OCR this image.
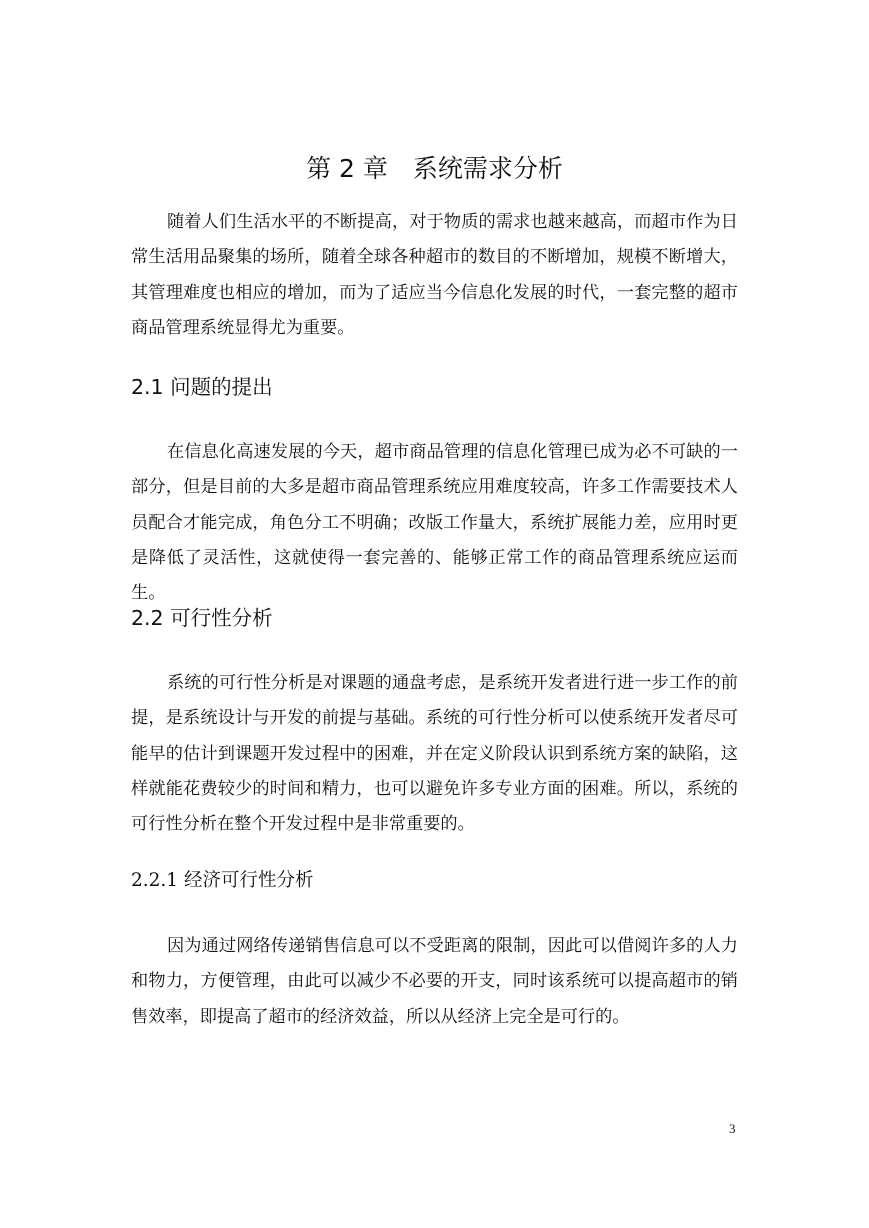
第 2 章　系统需求分析

随着人们生活水平的不断提高，对于物质的需求也越来越高，而超市作为日常生活用品聚集的场所，随着全球各种超市的数目的不断增加，规模不断增大，其管理难度也相应的增加，而为了适应当今信息化发展的时代，一套完整的超市商品管理系统显得尤为重要。

2.1 问题的提出

在信息化高速发展的今天，超市商品管理的信息化管理已成为必不可缺的一部分，但是目前的大多是超市商品管理系统应用难度较高，许多工作需要技术人员配合才能完成，角色分工不明确；改版工作量大，系统扩展能力差，应用时更是降低了灵活性，这就使得一套完善的、能够正常工作的商品管理系统应运而生。

2.2 可行性分析

系统的可行性分析是对课题的通盘考虑，是系统开发者进行进一步工作的前提，是系统设计与开发的前提与基础。系统的可行性分析可以使系统开发者尽可能早的估计到课题开发过程中的困难，并在定义阶段认识到系统方案的缺陷，这样就能花费较少的时间和精力，也可以避免许多专业方面的困难。所以，系统的可行性分析在整个开发过程中是非常重要的。

2.2.1 经济可行性分析

因为通过网络传递销售信息可以不受距离的限制，因此可以借阅许多的人力和物力，方便管理，由此可以减少不必要的开支，同时该系统可以提高超市的销售效率，即提高了超市的经济效益，所以从经济上完全是可行的。

3
